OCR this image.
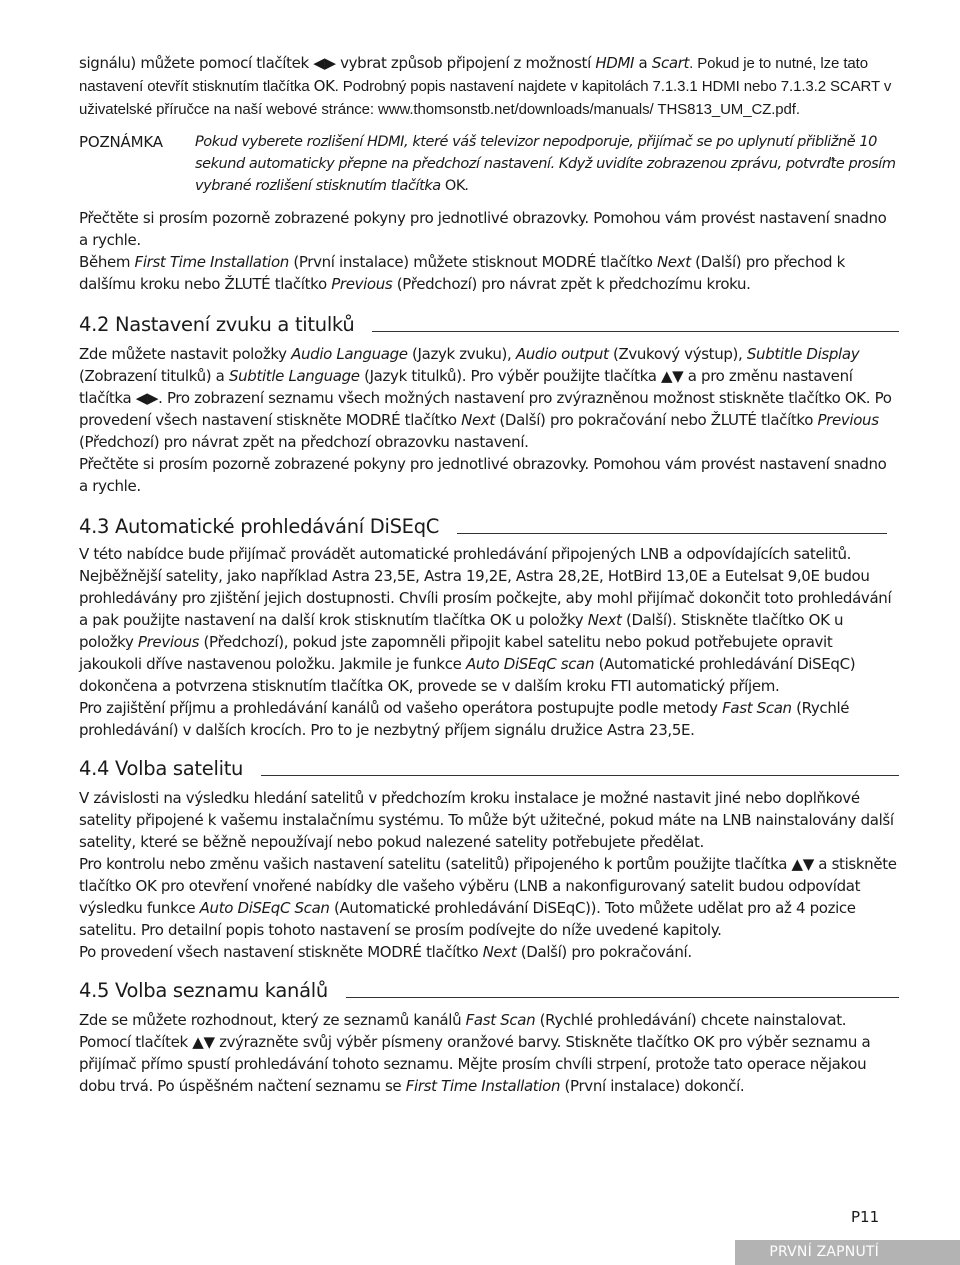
signálu) můžete pomocí tlačítek ◀▶ vybrat způsob připojení z možností HDMI a Scart. Pokud je to nutné, lze tato nastavení otevřít stisknutím tlačítka OK. Podrobný popis nastavení najdete v kapitolách 7.1.3.1 HDMI nebo 7.1.3.2 SCART v uživatelské příručce na naší webové stránce: www.thomsonstb.net/downloads/manuals/ THS813_UM_CZ.pdf.

POZNÁMKA	Pokud vyberete rozlišení HDMI, které váš televizor nepodporuje, přijímač se po uplynutí přibližně 10 sekund automaticky přepne na předchozí nastavení. Když uvidíte zobrazenou zprávu, potvrďte prosím vybrané rozlišení stisknutím tlačítka OK.

Přečtěte si prosím pozorně zobrazené pokyny pro jednotlivé obrazovky. Pomohou vám provést nastavení snadno a rychle.

Během First Time Installation (První instalace) můžete stisknout MODRÉ tlačítko Next (Další) pro přechod k dalšímu kroku nebo ŽLUTÉ tlačítko Previous (Předchozí) pro návrat zpět k předchozímu kroku.

4.2 Nastavení zvuku a titulků

Zde můžete nastavit položky Audio Language (Jazyk zvuku), Audio output (Zvukový výstup), Subtitle Display (Zobrazení titulků) a Subtitle Language (Jazyk titulků). Pro výběr použijte tlačítka ▲▼ a pro změnu nastavení tlačítka ◀▶. Pro zobrazení seznamu všech možných nastavení pro zvýrazněnou možnost stiskněte tlačítko OK. Po provedení všech nastavení stiskněte MODRÉ tlačítko Next (Další) pro pokračování nebo ŽLUTÉ tlačítko Previous (Předchozí) pro návrat zpět na předchozí obrazovku nastavení.

Přečtěte si prosím pozorně zobrazené pokyny pro jednotlivé obrazovky. Pomohou vám provést nastavení snadno a rychle.

4.3 Automatické prohledávání DiSEqC

V této nabídce bude přijímač provádět automatické prohledávání připojených LNB a odpovídajících satelitů. Nejběžnější satelity, jako například Astra 23,5E, Astra 19,2E, Astra 28,2E, HotBird 13,0E a Eutelsat 9,0E budou prohledávány pro zjištění jejich dostupnosti. Chvíli prosím počkejte, aby mohl přijímač dokončit toto prohledávání a pak použijte nastavení na další krok stisknutím tlačítka OK u položky Next (Další). Stiskněte tlačítko OK u položky Previous (Předchozí), pokud jste zapomněli připojit kabel satelitu nebo pokud potřebujete opravit jakoukoli dříve nastavenou položku. Jakmile je funkce Auto DiSEqC scan (Automatické prohledávání DiSEqC) dokončena a potvrzena stisknutím tlačítka OK, provede se v dalším kroku FTI automatický příjem.

Pro zajištění příjmu a prohledávání kanálů od vašeho operátora postupujte podle metody Fast Scan (Rychlé prohledávání) v dalších krocích. Pro to je nezbytný příjem signálu družice Astra 23,5E.

4.4 Volba satelitu

V závislosti na výsledku hledání satelitů v předchozím kroku instalace je možné nastavit jiné nebo doplňkové satelity připojené k vašemu instalačnímu systému. To může být užitečné, pokud máte na LNB nainstalovány další satelity, které se běžně nepoužívají nebo pokud nalezené satelity potřebujete předělat.

Pro kontrolu nebo změnu vašich nastavení satelitu (satelitů) připojeného k portům použijte tlačítka ▲▼ a stiskněte tlačítko OK pro otevření vnořené nabídky dle vašeho výběru (LNB a nakonfigurovaný satelit budou odpovídat výsledku funkce Auto DiSEqC Scan (Automatické prohledávání DiSEqC)). Toto můžete udělat pro až 4 pozice satelitu. Pro detailní popis tohoto nastavení se prosím podívejte do níže uvedené kapitoly.

Po provedení všech nastavení stiskněte MODRÉ tlačítko Next (Další) pro pokračování.

4.5 Volba seznamu kanálů

Zde se můžete rozhodnout, který ze seznamů kanálů Fast Scan (Rychlé prohledávání) chcete nainstalovat. Pomocí tlačítek ▲▼ zvýrazněte svůj výběr písmeny oranžové barvy. Stiskněte tlačítko OK pro výběr seznamu a přijímač přímo spustí prohledávání tohoto seznamu. Mějte prosím chvíli strpení, protože tato operace nějakou dobu trvá. Po úspěšném načtení seznamu se First Time Installation (První instalace) dokončí.

P11
PRVNÍ ZAPNUTÍ
